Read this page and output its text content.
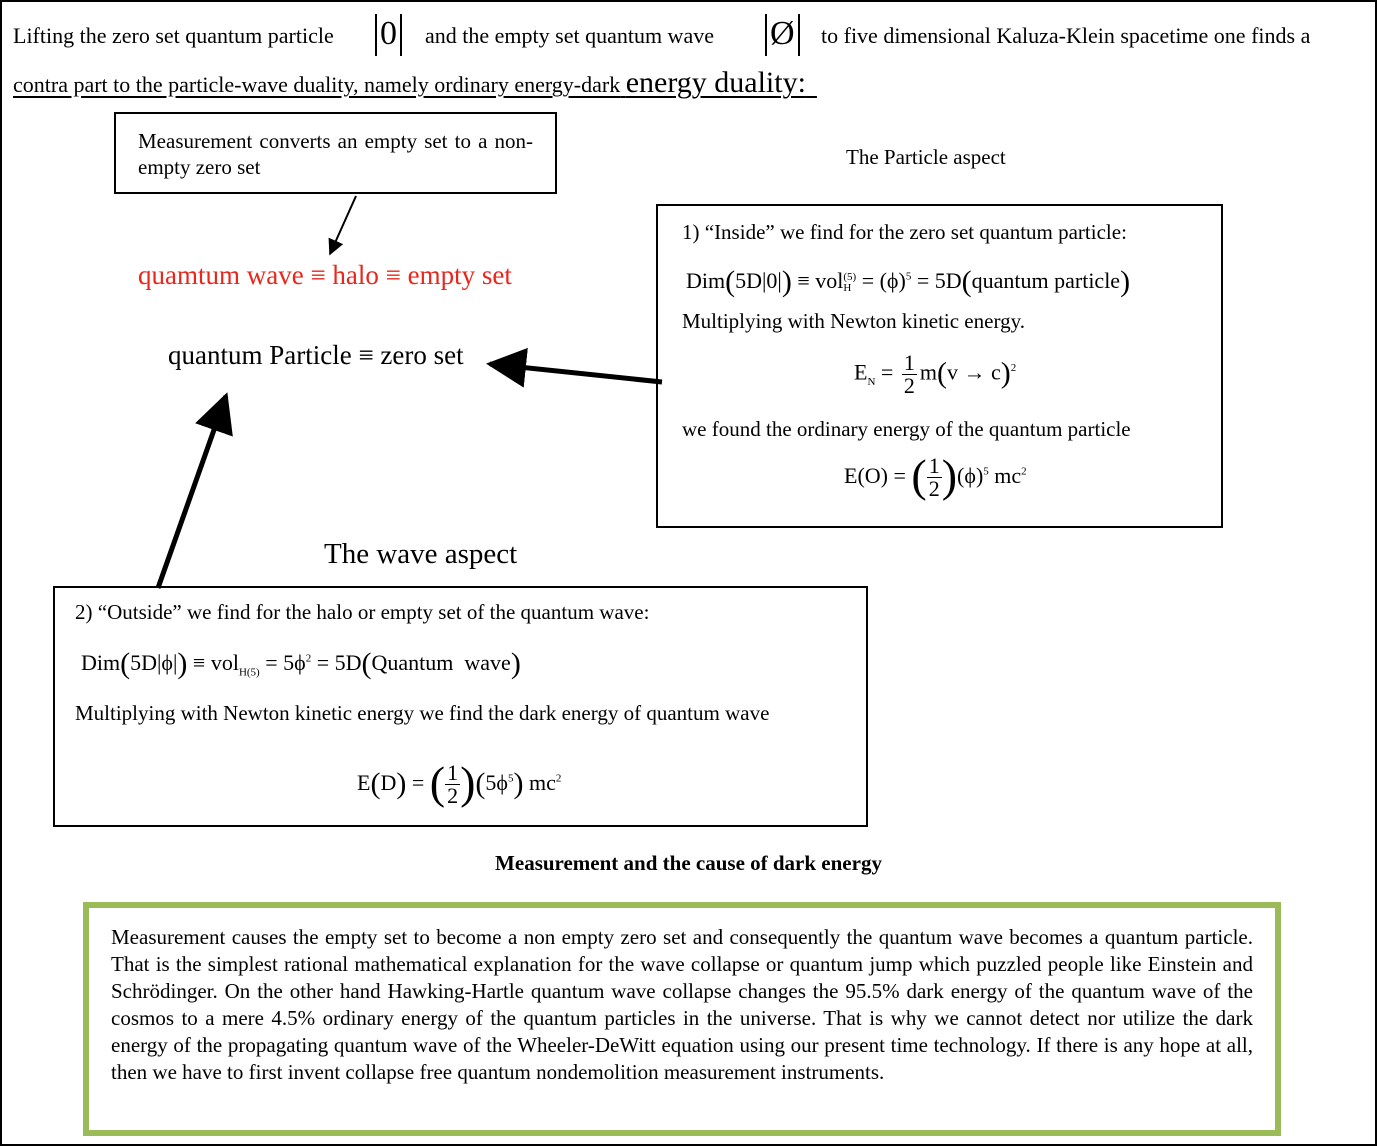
Lifting the zero set quantum particle 0 and the empty set quantum wave Ø to five dimensional Kaluza-Klein spacetime one finds a
contra part to the particle-wave duality, namely ordinary energy-dark energy duality:
Measurement converts an empty set to a non-empty zero set
quamtum wave ≡ halo ≡ empty set
quantum Particle ≡ zero set
The Particle aspect
The wave aspect
1) “Inside” we find for the zero set quantum particle:
Dim(5D|0|) ≡ vol (5)
$H = (\phi)^5$ = 5D(quantum particle)
Multiplying with Newton kinetic energy.
$E_N = \frac{1}{2} m(v \to c)^2$
we found the ordinary energy of the quantum particle
E(O) = ( $\frac{1}{2} )(\phi)^5$ $mc^2$
2) “Outside” we find for the halo or empty set of the quantum wave:
$Dim(5D|\phi|) \equiv vol_{H(5)} = 5\phi^2$ = 5D(Quantum  wave)
Multiplying with Newton kinetic energy we find the dark energy of quantum wave
E(D) = ( $\frac{1}{2} )(5\phi^5)$ $mc^2$
Measurement and the cause of dark energy
Measurement causes the empty set to become a non empty zero set and consequently the quantum wave becomes a quantum particle. That is the simplest rational mathematical explanation for the wave collapse or quantum jump which puzzled people like Einstein and Schrödinger. On the other hand Hawking-Hartle quantum wave collapse changes the 95.5% dark energy of the quantum wave of the cosmos to a mere 4.5% ordinary energy of the quantum particles in the universe. That is why we cannot detect nor utilize the dark energy of the propagating quantum wave of the Wheeler-DeWitt equation using our present time technology. If there is any hope at all, then we have to first invent collapse free quantum nondemolition measurement instruments.
